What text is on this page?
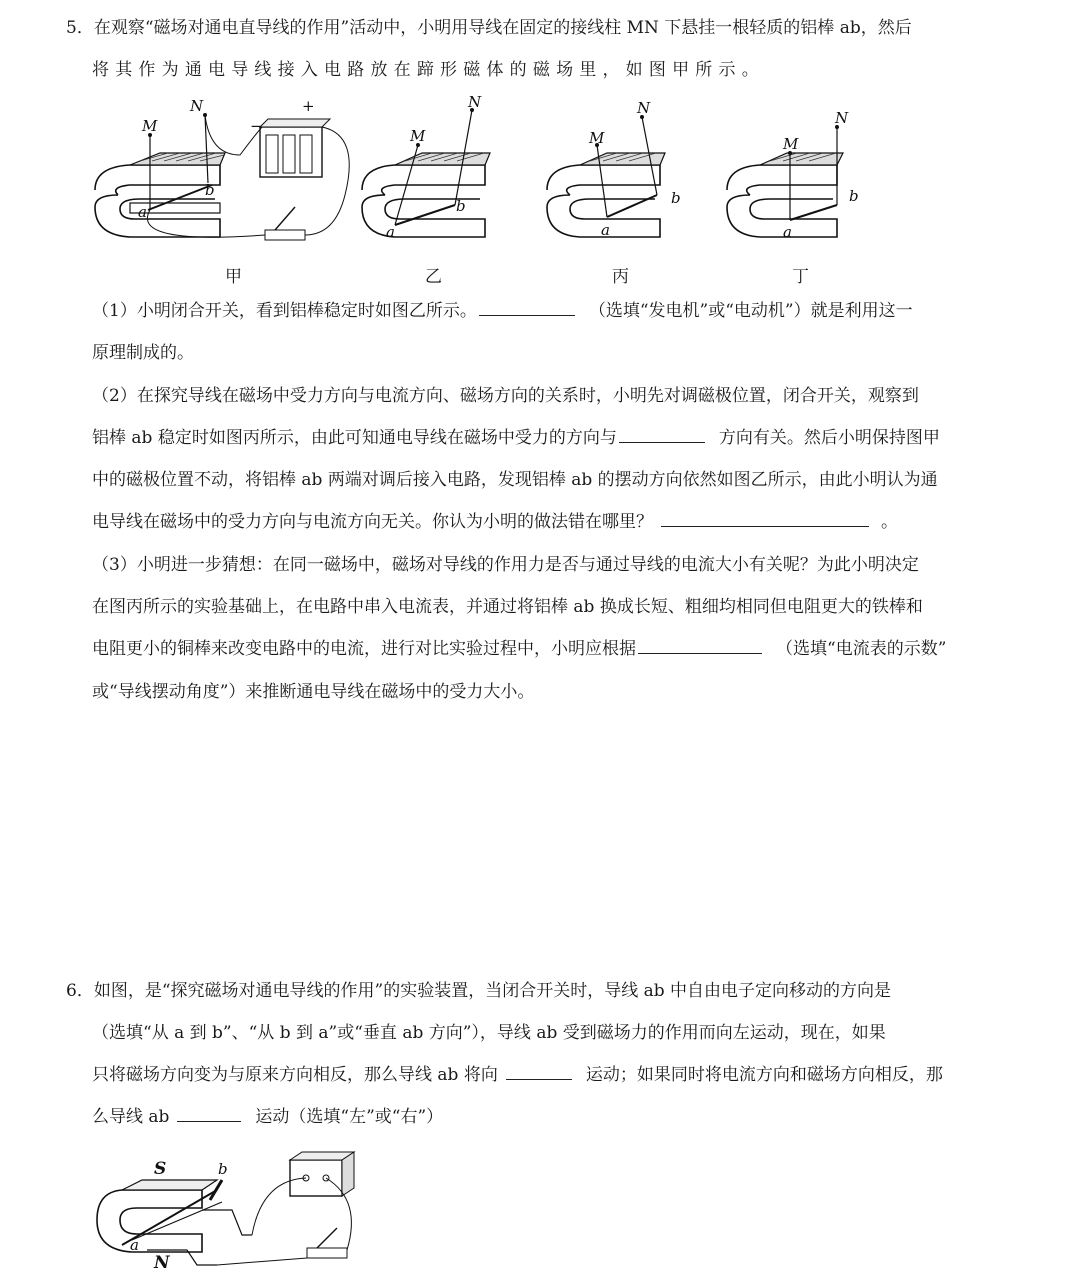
5．在观察“磁场对通电直导线的作用”活动中，小明用导线在固定的接线柱 MN 下悬挂一根轻质的铝棒 ab，然后
将 其 作 为 通 电 导 线 接 入 电 路 放 在 蹄 形 磁 体 的 磁 场 里 ， 如 图 甲 所 示 。
M
N
a
b
+
−
M
N
a
b
M
N
a
b
M
N
a
b
甲	乙	丙	丁
（1）小明闭合开关，看到铝棒稳定时如图乙所示。	（选填“发电机”或“电动机”）就是利用这一
原理制成的。
（2）在探究导线在磁场中受力方向与电流方向、磁场方向的关系时，小明先对调磁极位置，闭合开关，观察到
铝棒 ab 稳定时如图丙所示，由此可知通电导线在磁场中受力的方向与	方向有关。然后小明保持图甲
中的磁极位置不动，将铝棒 ab 两端对调后接入电路，发现铝棒 ab 的摆动方向依然如图乙所示，由此小明认为通
电导线在磁场中的受力方向与电流方向无关。你认为小明的做法错在哪里？	。
（3）小明进一步猜想：在同一磁场中，磁场对导线的作用力是否与通过导线的电流大小有关呢？为此小明决定
在图丙所示的实验基础上，在电路中串入电流表，并通过将铝棒 ab 换成长短、粗细均相同但电阻更大的铁棒和
电阻更小的铜棒来改变电路中的电流，进行对比实验过程中，小明应根据	（选填“电流表的示数”
或“导线摆动角度”）来推断通电导线在磁场中的受力大小。
6．如图，是“探究磁场对通电导线的作用”的实验装置，当闭合开关时，导线 ab 中自由电子定向移动的方向是
（选填“从 a 到 b”、“从 b 到 a”或“垂直 ab 方向”），导线 ab 受到磁场力的作用而向左运动，现在，如果
只将磁场方向变为与原来方向相反，那么导线 ab 将向	运动；如果同时将电流方向和磁场方向相反，那
么导线 ab	运动（选填“左”或“右”）
S
N
a
b
